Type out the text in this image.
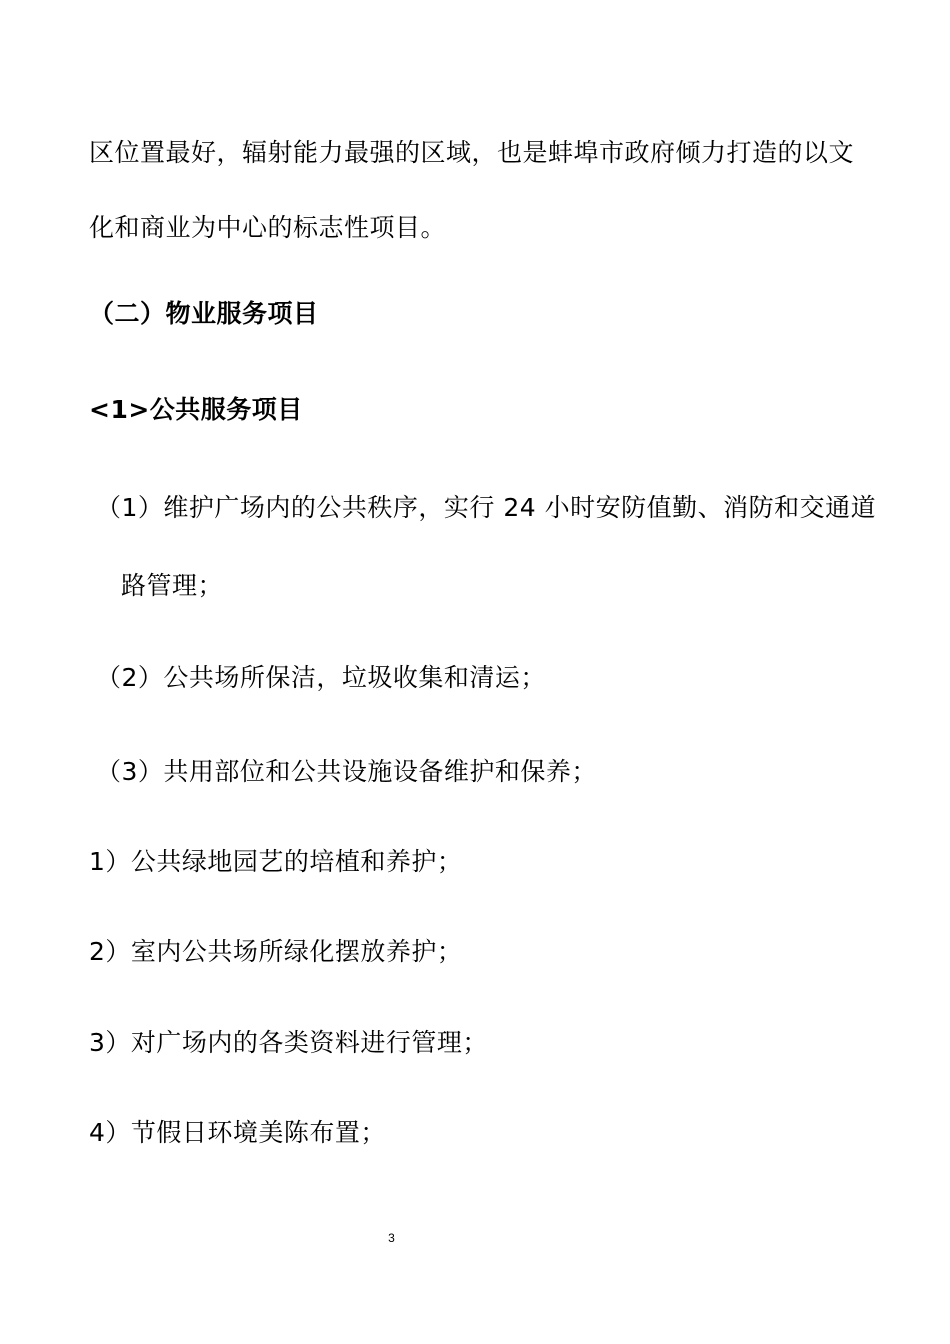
区位置最好，辐射能力最强的区域，也是蚌埠市政府倾力打造的以文
化和商业为中心的标志性项目。
（二）物业服务项目
<1>公共服务项目
（1）维护广场内的公共秩序，实行 24 小时安防值勤、消防和交通道
路管理；
（2）公共场所保洁，垃圾收集和清运；
（3）共用部位和公共设施设备维护和保养；
1）公共绿地园艺的培植和养护；
2）室内公共场所绿化摆放养护；
3）对广场内的各类资料进行管理；
4）节假日环境美陈布置；
3
